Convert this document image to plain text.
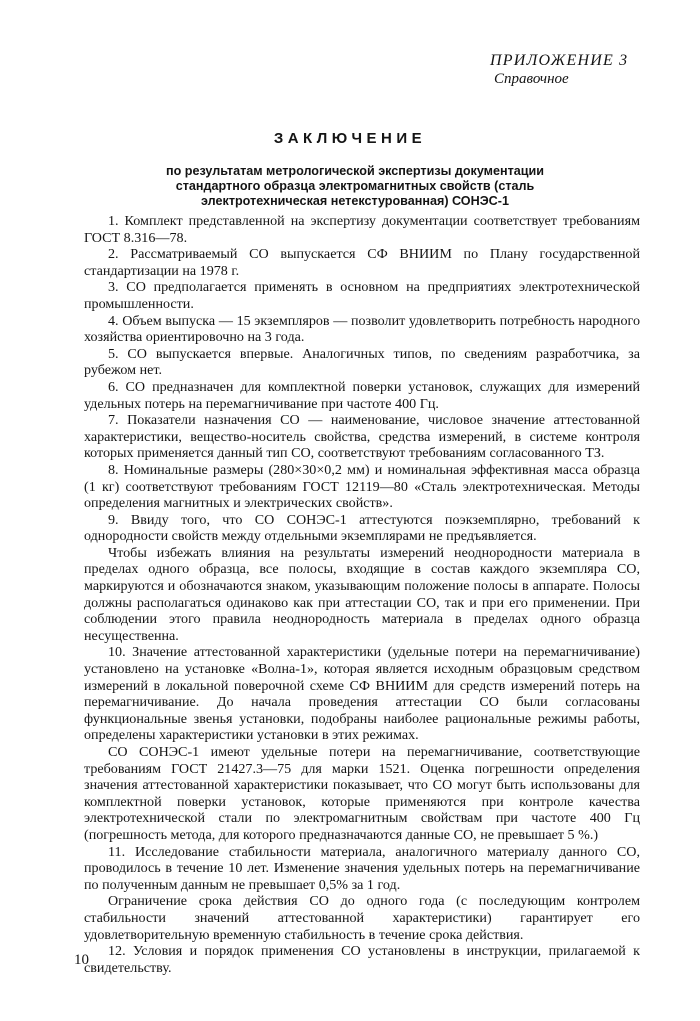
ПРИЛОЖЕНИЕ 3
Справочное
ЗАКЛЮЧЕНИЕ
по результатам метрологической экспертизы документации
стандартного образца электромагнитных свойств (сталь
электротехническая нетекстурованная) СОНЭС-1

1. Комплект представленной на экспертизу документации соответствует требованиям ГОСТ 8.316—78.

2. Рассматриваемый СО выпускается СФ ВНИИМ по Плану государственной стандартизации на 1978 г.

3. СО предполагается применять в основном на предприятиях электротехнической промышленности.

4. Объем выпуска — 15 экземпляров — позволит удовлетворить потребность народного хозяйства ориентировочно на 3 года.

5. СО выпускается впервые. Аналогичных типов, по сведениям разработчика, за рубежом нет.

6. СО предназначен для комплектной поверки установок, служащих для измерений удельных потерь на перемагничивание при частоте 400 Гц.

7. Показатели назначения СО — наименование, числовое значение аттестованной характеристики, вещество-носитель свойства, средства измерений, в системе контроля которых применяется данный тип СО, соответствуют требованиям согласованного ТЗ.

8. Номинальные размеры (280×30×0,2 мм) и номинальная эффективная масса образца (1 кг) соответствуют требованиям ГОСТ 12119—80 «Сталь электротехническая. Методы определения магнитных и электрических свойств».

9. Ввиду того, что СО СОНЭС-1 аттестуются поэкземплярно, требований к однородности свойств между отдельными экземплярами не предъявляется.

Чтобы избежать влияния на результаты измерений неоднородности материала в пределах одного образца, все полосы, входящие в состав каждого экземпляра СО, маркируются и обозначаются знаком, указывающим положение полосы в аппарате. Полосы должны располагаться одинаково как при аттестации СО, так и при его применении. При соблюдении этого правила неоднородность материала в пределах одного образца несущественна.

10. Значение аттестованной характеристики (удельные потери на перемагничивание) установлено на установке «Волна-1», которая является исходным образцовым средством измерений в локальной поверочной схеме СФ ВНИИМ для средств измерений потерь на перемагничивание. До начала проведения аттестации СО были согласованы функциональные звенья установки, подобраны наиболее рациональные режимы работы, определены характеристики установки в этих режимах.

СО СОНЭС-1 имеют удельные потери на перемагничивание, соответствующие требованиям ГОСТ 21427.3—75 для марки 1521. Оценка погрешности определения значения аттестованной характеристики показывает, что СО могут быть использованы для комплектной поверки установок, которые применяются при контроле качества электротехнической стали по электромагнитным свойствам при частоте 400 Гц (погрешность метода, для которого предназначаются данные СО, не превышает 5 %.)

11. Исследование стабильности материала, аналогичного материалу данного СО, проводилось в течение 10 лет. Изменение значения удельных потерь на перемагничивание по полученным данным не превышает 0,5% за 1 год.

Ограничение срока действия СО до одного года (с последующим контролем стабильности значений аттестованной характеристики) гарантирует его удовлетворительную временную стабильность в течение срока действия.

12. Условия и порядок применения СО установлены в инструкции, прилагаемой к свидетельству.

10
